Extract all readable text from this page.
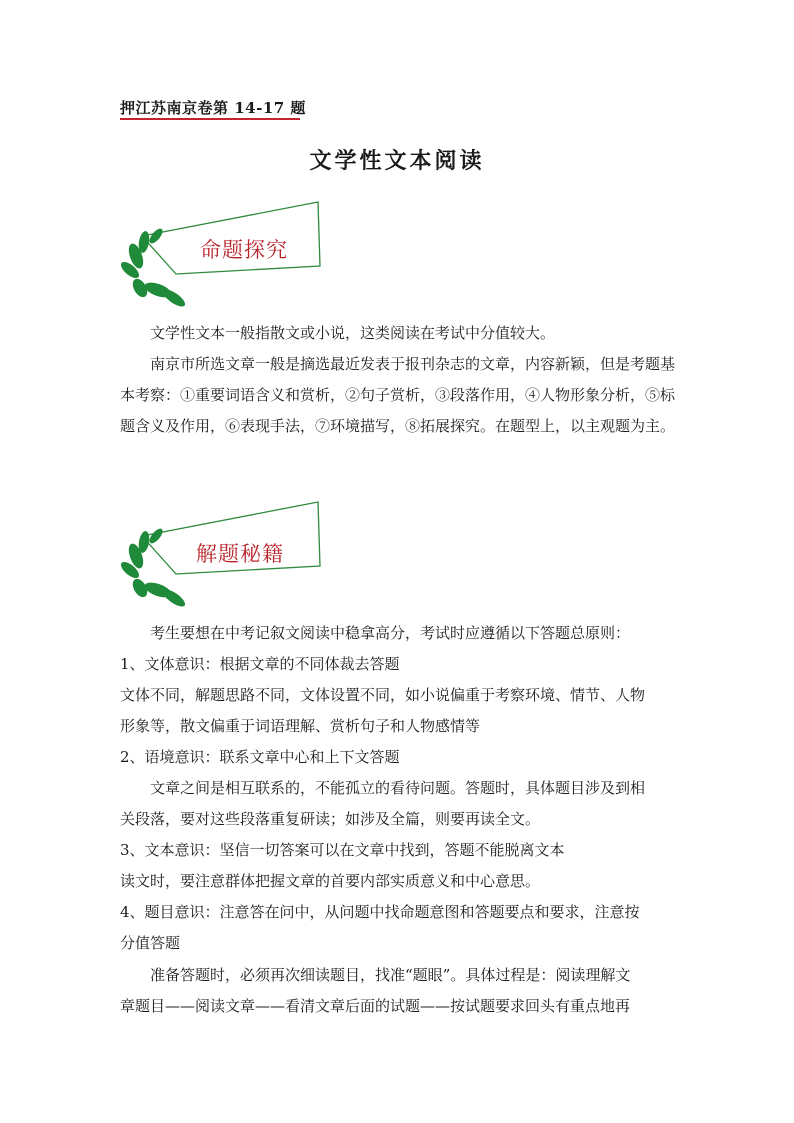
押江苏南京卷第 14-17 题
文学性文本阅读
命题探究

文学性文本一般指散文或小说，这类阅读在考试中分值较大。

南京市所选文章一般是摘选最近发表于报刊杂志的文章，内容新颖，但是考题基本考察：①重要词语含义和赏析，②句子赏析，③段落作用，④人物形象分析，⑤标题含义及作用，⑥表现手法，⑦环境描写，⑧拓展探究。在题型上，以主观题为主。

解题秘籍
考生要想在中考记叙文阅读中稳拿高分，考试时应遵循以下答题总原则：
1、文体意识：根据文章的不同体裁去答题
文体不同，解题思路不同，文体设置不同，如小说偏重于考察环境、情节、人物
形象等，散文偏重于词语理解、赏析句子和人物感情等
2、语境意识：联系文章中心和上下文答题
文章之间是相互联系的，不能孤立的看待问题。答题时，具体题目涉及到相
关段落，要对这些段落重复研读；如涉及全篇，则要再读全文。
3、文本意识：坚信一切答案可以在文章中找到，答题不能脱离文本
读文时，要注意群体把握文章的首要内部实质意义和中心意思。
4、题目意识：注意答在问中，从问题中找命题意图和答题要点和要求，注意按
分值答题
准备答题时，必须再次细读题目，找准“题眼”。具体过程是：阅读理解文
章题目——阅读文章——看清文章后面的试题——按试题要求回头有重点地再
